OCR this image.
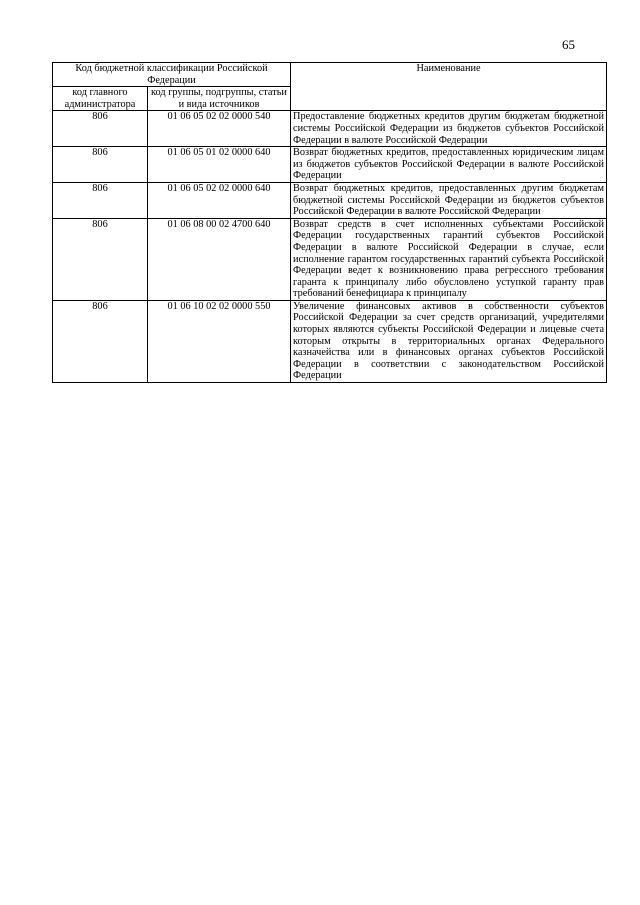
65
Код бюджетной классификации Российской Федерации		Наименование
код главного администратора	код группы, подгруппы, статьи и вида источников	
806	01 06 05 02 02 0000 540	Предоставление бюджетных кредитов другим бюджетам бюджетной системы Российской Федерации из бюджетов субъектов Российской Федерации в валюте Российской Федерации
806	01 06 05 01 02 0000 640	Возврат бюджетных кредитов, предоставленных юридическим лицам из бюджетов субъектов Российской Федерации в валюте Российской Федерации
806	01 06 05 02 02 0000 640	Возврат бюджетных кредитов, предоставленных другим бюджетам бюджетной системы Российской Федерации из бюджетов субъектов Российской Федерации в валюте Российской Федерации
806	01 06 08 00 02 4700 640	Возврат средств в счет исполненных субъектами Российской Федерации государственных гарантий субъектов Российской Федерации в валюте Российской Федерации в случае, если исполнение гарантом государственных гарантий субъекта Российской Федерации ведет к возникновению права регрессного требования гаранта к принципалу либо обусловлено уступкой гаранту прав требований бенефициара к принципалу
806	01 06 10 02 02 0000 550	Увеличение финансовых активов в собственности субъектов Российской Федерации за счет средств организаций, учредителями которых являются субъекты Российской Федерации и лицевые счета которым открыты в территориальных органах Федерального казначейства или в финансовых органах субъектов Российской Федерации в соответствии с законодательством Российской Федерации
